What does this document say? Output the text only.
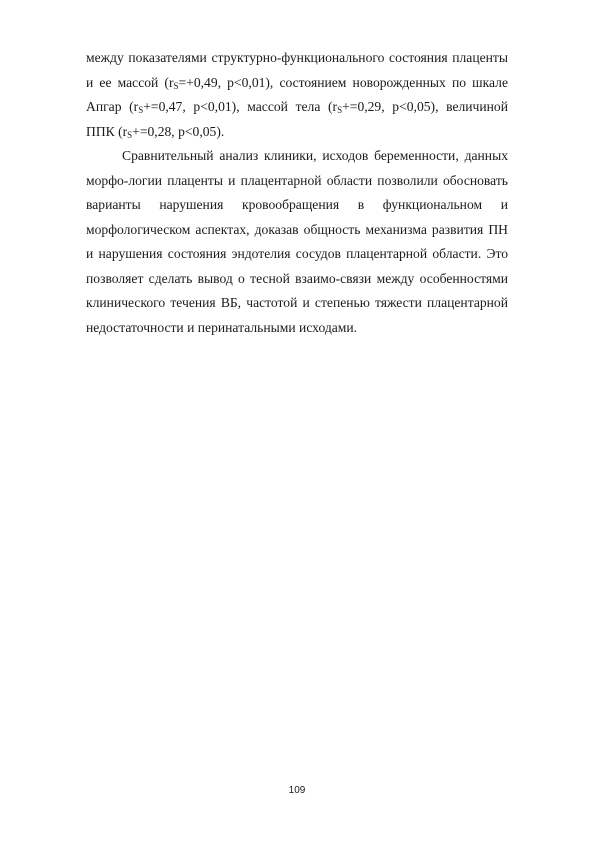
между показателями структурно-функционального состояния плаценты и ее массой ($r_S=+0,49$, р<0,01), состоянием новорожденных по шкале Апгар ($r_S+=0,47$, р<0,01), массой тела ($r_S+=0,29$, р<0,05), величиной ППК ($r_S+=0,28$, р<0,05).

Сравнительный анализ клиники, исходов беременности, данных морфо-логии плаценты и плацентарной области позволили обосновать варианты нарушения кровообращения в функциональном и морфологическом аспектах, доказав общность механизма развития ПН и нарушения состояния эндотелия сосудов плацентарной области. Это позволяет сделать вывод о тесной взаимо-связи между особенностями клинического течения ВБ, частотой и степенью тяжести плацентарной недостаточности и перинатальными исходами.

109
